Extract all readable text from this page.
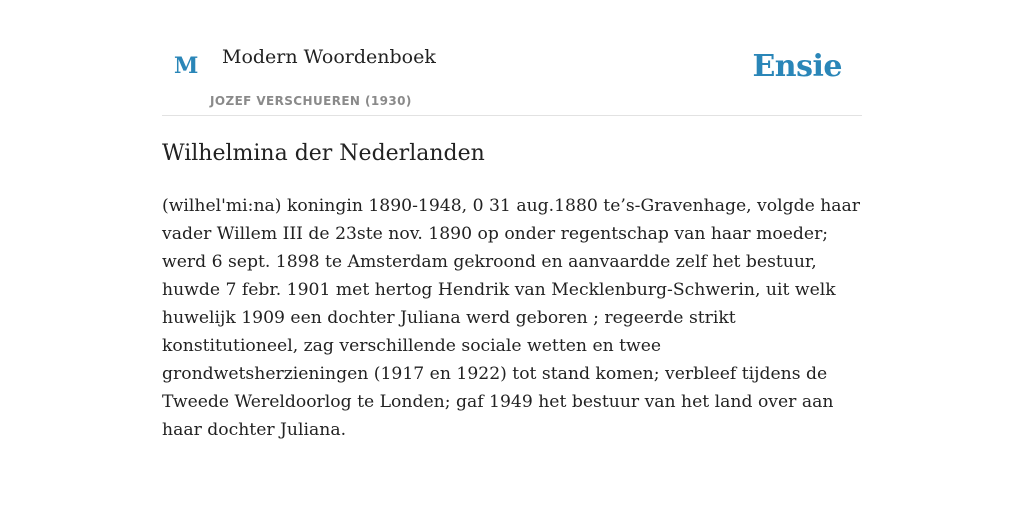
M Modern Woordenboek
JOZEF VERSCHUEREN (1930)
Ensie
Wilhelmina der Nederlanden

(wilhel'mi:na) koningin 1890-1948, 0 31 aug.1880 te’s-Gravenhage, volgde haar vader Willem III de 23ste nov. 1890 op onder regentschap van haar moeder; werd 6 sept. 1898 te Amsterdam gekroond en aanvaardde zelf het bestuur, huwde 7 febr. 1901 met hertog Hendrik van Mecklenburg-Schwerin, uit welk huwelijk 1909 een dochter Juliana werd geboren ; regeerde strikt konstitutioneel, zag verschillende sociale wetten en twee grondwetsherzieningen (1917 en 1922) tot stand komen; verbleef tijdens de Tweede Wereldoorlog te Londen; gaf 1949 het bestuur van het land over aan haar dochter Juliana.
